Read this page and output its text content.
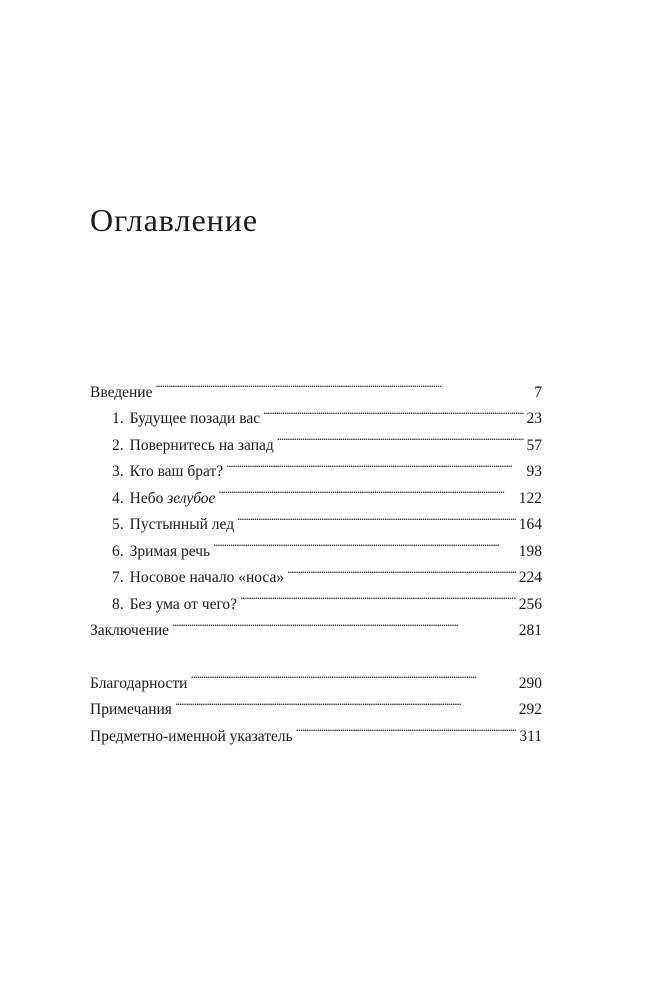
Оглавление
Введение . . .	7
1. Будущее позади вас . . .	23
2. Повернитесь на запад . . .	57
3. Кто ваш брат? . . .	93
4. Небо зелубое . . .	122
5. Пустынный лед . . .	164
6. Зримая речь . . .	198
7. Носовое начало «носа» . . .	224
8. Без ума от чего? . . .	256
Заключение . . .	281
Благодарности . . .	290
Примечания . . .	292
Предметно-именной указатель . . .	311
